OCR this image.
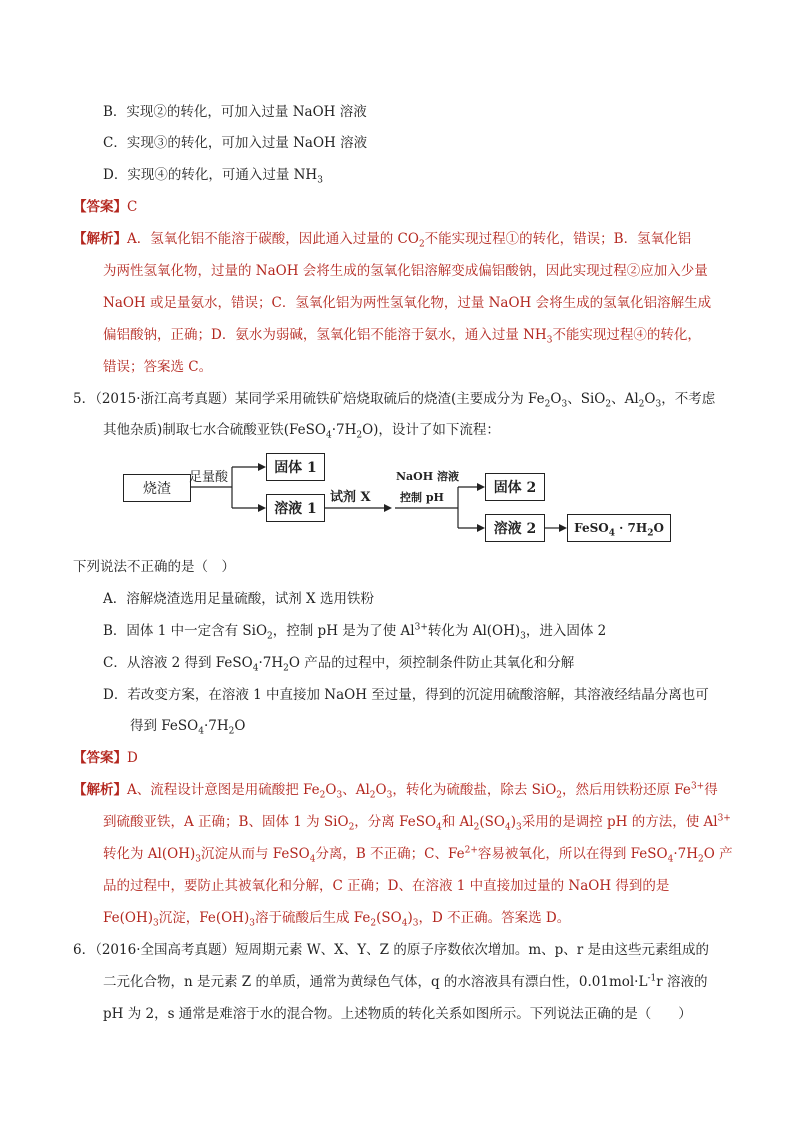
B．实现②的转化，可加入过量 NaOH 溶液
C．实现③的转化，可加入过量 NaOH 溶液
D．实现④的转化，可通入过量 $NH_3$
【答案】C
【解析】A．氢氧化铝不能溶于碳酸，因此通入过量的 $CO_2$不能实现过程①的转化，错误；B．氢氧化铝
为两性氢氧化物，过量的 NaOH 会将生成的氢氧化铝溶解变成偏铝酸钠，因此实现过程②应加入少量
NaOH 或足量氨水，错误；C．氢氧化铝为两性氢氧化物，过量 NaOH 会将生成的氢氧化铝溶解生成
偏铝酸钠，正确；D．氨水为弱碱，氢氧化铝不能溶于氨水，通入过量 $NH_3$不能实现过程④的转化，
错误；答案选 C。
5．（2015·浙江高考真题）某同学采用硫铁矿焙烧取硫后的烧渣(主要成分为 $Fe_2O_3$、SiO$_2$、$Al_2O_3$，不考虑
其他杂质)制取七水合硫酸亚铁$(FeSO_4\cdot 7H_2O)$，设计了如下流程：
烧渣
足量酸
固体 1
溶液 1
试剂 X
NaOH 溶液
控制 pH
固体 2
溶液 2	FeSO$_4$ · $7H_2O$
下列说法不正确的是（　）
A．溶解烧渣选用足量硫酸，试剂 X 选用铁粉
B．固体 1 中一定含有 SiO$_2$，控制 pH 是为了使 $Al^{3+}$转化为 $Al(OH)_3$，进入固体 2
C．从溶液 2 得到 $FeSO_4\cdot 7H_2O$ 产品的过程中，须控制条件防止其氧化和分解
D．若改变方案，在溶液 1 中直接加 NaOH 至过量，得到的沉淀用硫酸溶解，其溶液经结晶分离也可
得到 $FeSO_4\cdot 7H_2O$
【答案】D
【解析】A、流程设计意图是用硫酸把 $Fe_2O_3$、$Al_2O_3$，转化为硫酸盐，除去 SiO$_2$，然后用铁粉还原 $Fe^{3+}$得
到硫酸亚铁，A 正确；B、固体 1 为 SiO$_2$，分离 FeSO$_4$和 $Al_2(SO_4)_3$采用的是调控 pH 的方法，使 $Al^{3+}$
转化为 $Al(OH)_3$沉淀从而与 FeSO$_4$分离，B 不正确；C、$Fe^{2+}$容易被氧化，所以在得到 $FeSO_4\cdot 7H_2O$ 产
品的过程中，要防止其被氧化和分解，C 正确；D、在溶液 1 中直接加过量的 NaOH 得到的是
$Fe(OH)_3$沉淀，$Fe(OH)_3$溶于硫酸后生成 $Fe_2(SO_4)_3$，D 不正确。答案选 D。
6．（2016·全国高考真题）短周期元素 W、X、Y、Z 的原子序数依次增加。m、p、r 是由这些元素组成的
二元化合物，n 是元素 Z 的单质，通常为黄绿色气体，q 的水溶液具有漂白性，$0.01mol\cdot L^{-1}r$ 溶液的
pH 为 2，s 通常是难溶于水的混合物。上述物质的转化关系如图所示。下列说法正确的是（　　）
